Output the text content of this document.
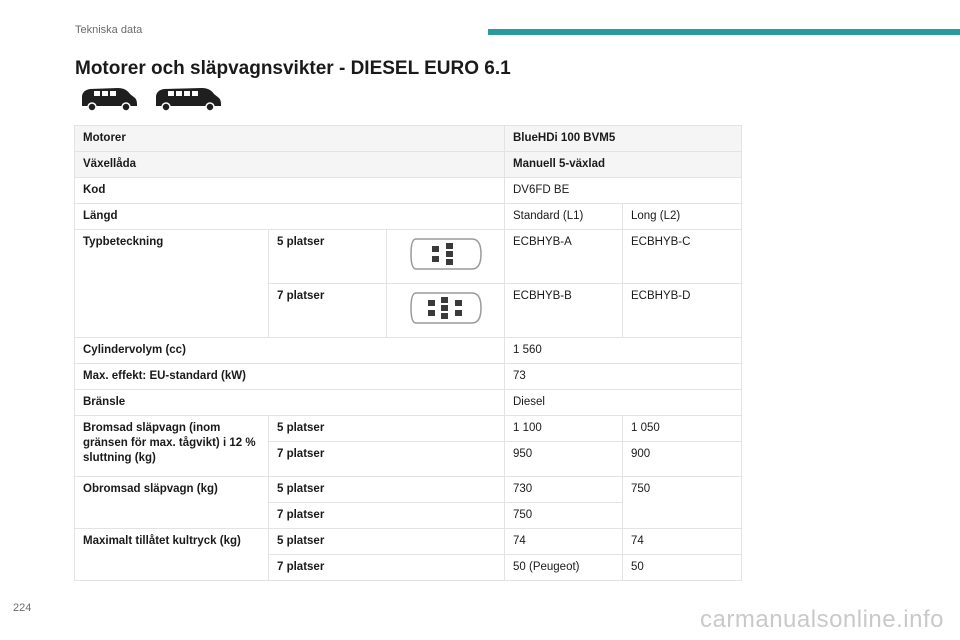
Tekniska data
Motorer och släpvagnsvikter - DIESEL EURO 6.1
Motorer			BlueHDi 100 BVM5	
Växellåda			Manuell 5-växlad	
Kod			DV6FD BE	
Längd			Standard (L1)	Long (L2)
Typbeteckning	5 platser		ECBHYB-A	ECBHYB-C
	7 platser		ECBHYB-B	ECBHYB-D
Cylindervolym (cc)			1 560	
Max. effekt: EU-standard (kW)			73	
Bränsle			Diesel	
Bromsad släpvagn (inom gränsen för max. tågvikt) i 12 % sluttning (kg)	5 platser		1 100	1 050
	7 platser		950	900
Obromsad släpvagn (kg)	5 platser		730	750
	7 platser		750	
Maximalt tillåtet kultryck (kg)	5 platser		74	74
	7 platser		50 (Peugeot)	50
224	carmanualsonline.info
